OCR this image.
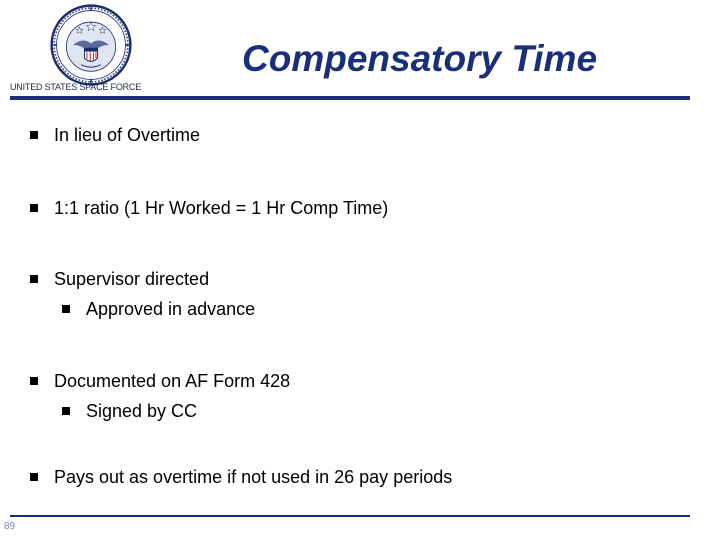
UNITED STATES SPACE FORCE
Compensatory Time
In lieu of Overtime
1:1 ratio (1 Hr Worked = 1 Hr Comp Time)
Supervisor directed
Approved in advance
Documented on AF Form 428
Signed by CC
Pays out as overtime if not used in 26 pay periods
89
